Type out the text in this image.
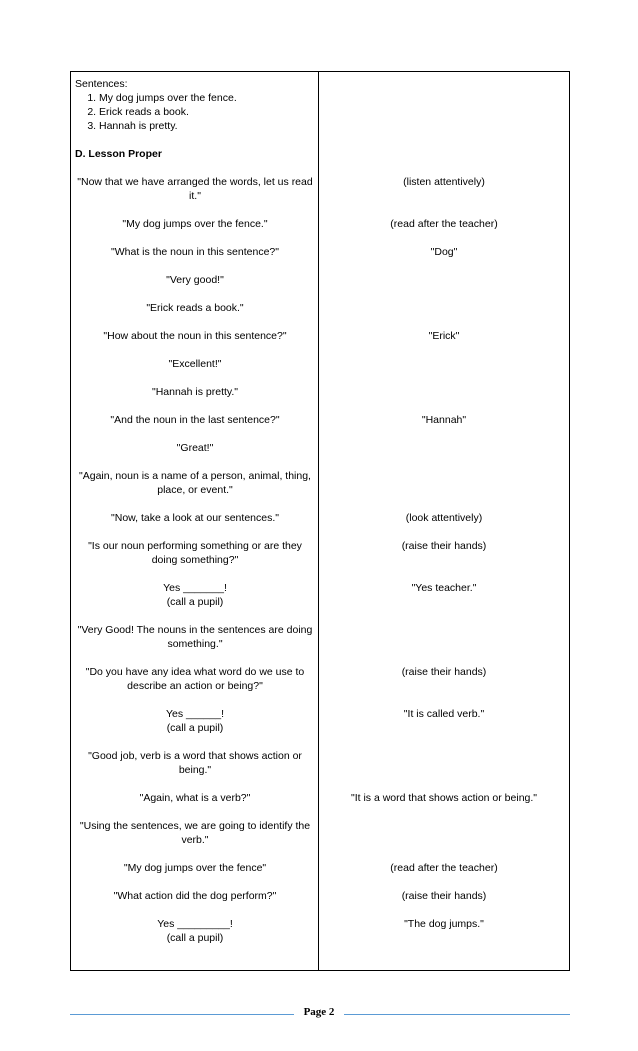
Sentences:
1. My dog jumps over the fence.
2. Erick reads a book.
3. Hannah is pretty.
D. Lesson Proper
"Now that we have arranged the words, let us read it."
"My dog jumps over the fence."
"What is the noun in this sentence?"
"Very good!"
"Erick reads a book."
"How about the noun in this sentence?"
"Excellent!"
"Hannah is pretty."
"And the noun in the last sentence?"
"Great!"
"Again, noun is a name of a person, animal, thing, place, or event."
"Now, take a look at our sentences."
"Is our noun performing something or are they doing something?"
Yes _______!
(call a pupil)
"Very Good! The nouns in the sentences are doing something."
"Do you have any idea what word do we use to describe an action or being?"
Yes ______!
(call a pupil)
"Good job, verb is a word that shows action or being."
"Again, what is a verb?"
"Using the sentences, we are going to identify the verb."
"My dog jumps over the fence"
"What action did the dog perform?"
Yes _________!
(call a pupil)
(listen attentively)
(read after the teacher)
"Dog"
"Erick"
"Hannah"
(look attentively)
(raise their hands)
"Yes teacher."
(raise their hands)
"It is called verb."
"It is a word that shows action or being."
(read after the teacher)
(raise their hands)
"The dog jumps."
Page 2
